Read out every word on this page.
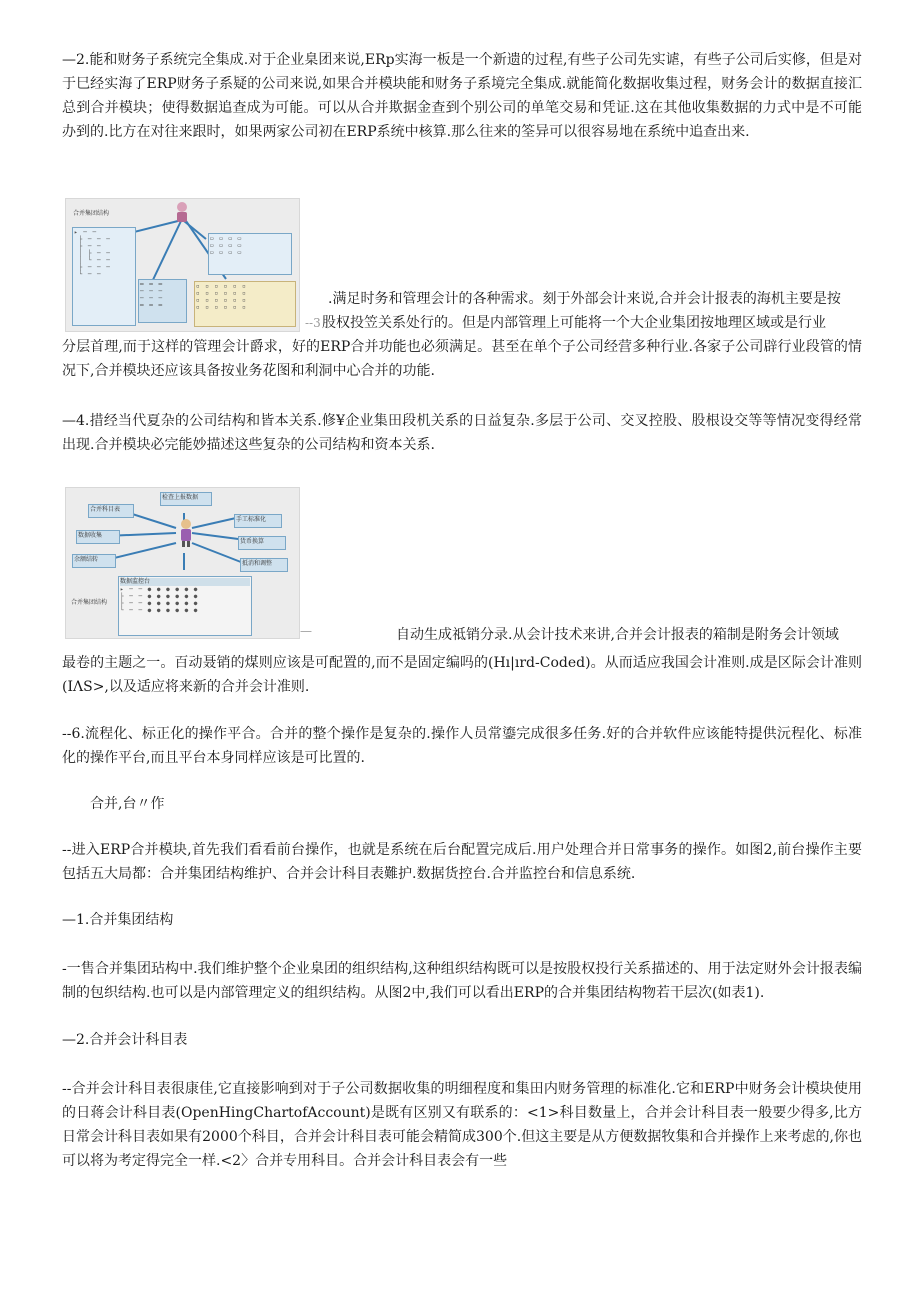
—2.能和财务子系统完全集成.对于企业臬团来说,ERp实海一板是一个新遗的过程,有些子公司先实谑，有些子公司后实修，但是对于巳经实海了ERP财务子系疑的公司来说,如果合并模块能和财务子系境完全集成.就能简化数据收集过程，财务会计的数据直接汇总到合并模块；使得数据追查成为可能。可以从合并欺据金查到个别公司的单笔交易和凭证.这在其他收集数据的力式中是不可能办到的.比方在对往来跟时，如果两家公司初在ERP系统中核算.那么往来的筌异可以很容易地在系统中追查出来.

合并集团结构
▸ ─ ─
├ ─ ─ ─
├ ─ ─
│ ├ ─ ─
│ └ ─ ─
├ ─ ─ ─
└ ─ ─
═ ═ ═
─ ─ ─
─ ─ ─
═ ═ ═
▭ ▭ ▭ ▭
▭ ▭ ▭ ▭
▭ ▭ ▭ ▭
▫ ▫ ▫ ▫ ▫ ▫
▫ ▫ ▫ ▫ ▫ ▫
▫ ▫ ▫ ▫ ▫ ▫
▫ ▫ ▫ ▫ ▫ ▫
--3
.满足时务和管理会计的各种需求。刻于外部会计来说,合并会计报表的海机主要是按
股权投笠关系处行的。但是内部管理上可能将一个大企业集团按地理区域或是行业

分层首理,而于这样的管理会计爵求，好的ERP合并功能也必须满足。甚至在单个子公司经营多种行业.各家子公司辟行业段管的情况下,合并模块还应该具备按业务花图和利洞中心合并的功能.

—4.措经当代夏杂的公司结构和皆本关系.修¥企业集田段机关系的日益复杂.多层于公司、交叉控股、股根设交等等情况变得经常出现.合并模块必完能妙描述这些复杂的公司结构和资本关系.

检查上报数据
合并科目表
手工标准化
数据收集
货币换算
余额结转
抵消和调整
数据监控台
▸ ─ ─ ● ● ● ● ● ●
├ ─ ─ ● ● ● ● ● ●
├ ─ ─ ● ● ● ● ● ●
└ ─ ─ ● ● ● ● ● ●
合并集团结构
—	自动生成祗销分录.从会计技术来讲,合并会计报表的箱制是附务会计领域

最卷的主题之一。百动聂销的煤则应该是可配置的,而不是固定编吗的(Hı|ırd-Coded)。从而适应我国会计准则.成是区际会计准则(IΛS>,以及适应将来新的合并会计准则.

--6.流程化、标正化的操作平合。合并的整个操作是复杂的.操作人员常鎏完成很多任务.好的合并软件应该能特提供沅程化、标准化的操作平台,而且平台本身同样应该是可比置的.

合并,台〃作

--进入ERP合并模块,首先我们看看前台操作，也就是系统在后台配置完成后.用户处理合并日常事务的操作。如图2,前台操作主要包括五大局都：合并集团结构维护、合并会计科目表難护.数据货控台.合并监控台和信息系统.

—1.合并集团结构

-一售合并集团玷构中.我们维护整个企业臬团的组织结构,这种组织结构既可以是按股权投行关系描述的、用于法定财外会计报表编制的包织结构.也可以是内部管理定义的组织结构。从图2中,我们可以看出ERP的合并集团结构物若干层次(如表1).

—2.合并会计科目表

--合并会计科目表很康佳,它直接影响到对于子公司数据收集的明细程度和集田内财务管理的标准化.它和ERP中财务会计模块使用的日蒋会计科目表(OpenHingChartofAccount)是既有区别又有联系的：<1>科目数量上，合并会计科目表一般要少得多,比方日常会计科目表如果有2000个科目，合并会计科目表可能会精简成300个.但这主要是从方便数据牧集和合并操作上来考虑的,你也可以将为考定得完全一样.<2〉合并专用科目。合并会计科目表会有一些
